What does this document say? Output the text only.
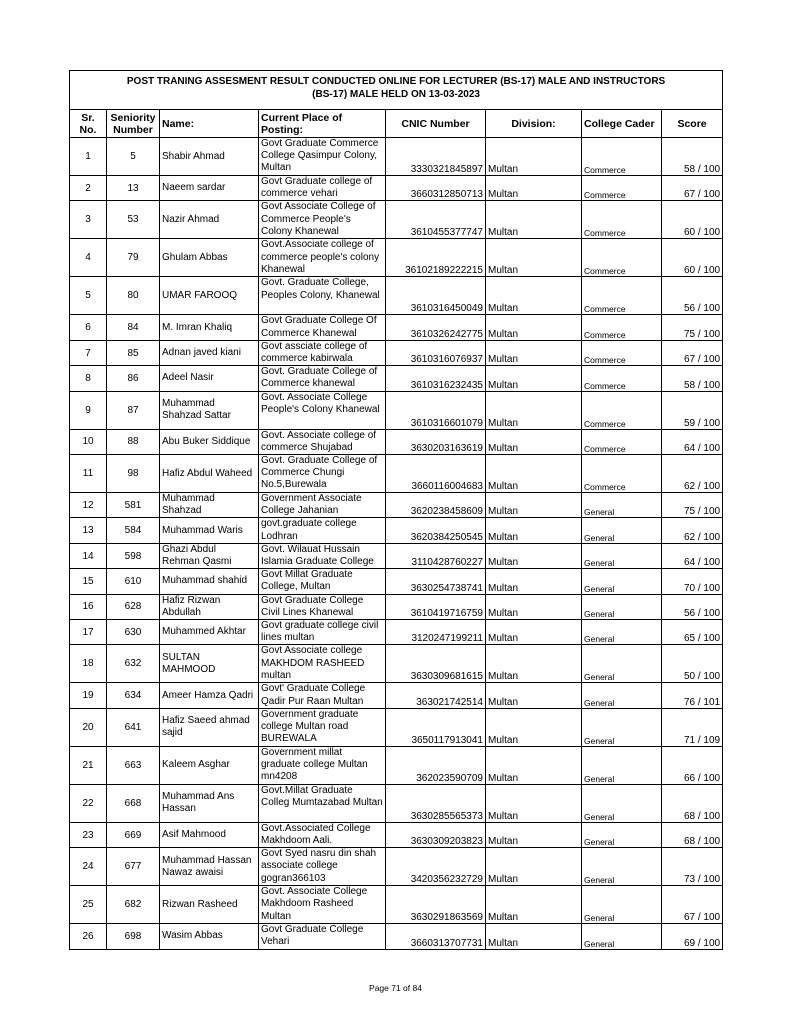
POST TRANING ASSESMENT RESULT CONDUCTED ONLINE FOR LECTURER (BS-17) MALE AND INSTRUCTORS
(BS-17) MALE HELD ON 13-03-2023							

Sr. No.	Seniority Number	Name:	Current Place of Posting:	CNIC Number	Division:	College Cader	Score
1	5	Shabir Ahmad	Govt Graduate Commerce College Qasimpur Colony, Multan	3330321845897	Multan	Commerce	58 / 100
2	13	Naeem sardar	Govt Graduate college of commerce vehari	3660312850713	Multan	Commerce	67 / 100
3	53	Nazir Ahmad	Govt Associate College of Commerce People's Colony Khanewal	3610455377747	Multan	Commerce	60 / 100
4	79	Ghulam Abbas	Govt.Associate college of commerce people's colony Khanewal	36102189222215	Multan	Commerce	60 / 100
5	80	UMAR FAROOQ	Govt. Graduate College, Peoples Colony, Khanewal	3610316450049	Multan	Commerce	56 / 100
6	84	M. Imran Khaliq	Govt Graduate College Of Commerce Khanewal	3610326242775	Multan	Commerce	75 / 100
7	85	Adnan javed kiani	Govt assciate college of commerce kabirwala	3610316076937	Multan	Commerce	67 / 100
8	86	Adeel Nasir	Govt. Graduate College of Commerce khanewal	3610316232435	Multan	Commerce	58 / 100
9	87	Muhammad Shahzad Sattar	Govt. Associate College People's Colony Khanewal	3610316601079	Multan	Commerce	59 / 100
10	88	Abu Buker Siddique	Govt. Associate college of commerce Shujabad	3630203163619	Multan	Commerce	64 / 100
11	98	Hafiz Abdul Waheed	Govt. Graduate College of Commerce Chungi No.5,Burewala	3660116004683	Multan	Commerce	62 / 100
12	581	Muhammad Shahzad	Government Associate College Jahanian	3620238458609	Multan	General	75 / 100
13	584	Muhammad Waris	govt.graduate college Lodhran	3620384250545	Multan	General	62 / 100
14	598	Ghazi Abdul Rehman Qasmi	Govt. Wilauat Hussain Islamia Graduate College	3110428760227	Multan	General	64 / 100
15	610	Muhammad shahid	Govt Millat Graduate College, Multan	3630254738741	Multan	General	70 / 100
16	628	Hafiz Rizwan Abdullah	Govt Graduate College Civil Lines Khanewal	3610419716759	Multan	General	56 / 100
17	630	Muhammed Akhtar	Govt graduate college civil lines multan	3120247199211	Multan	General	65 / 100
18	632	SULTAN MAHMOOD	Govt Associate college MAKHDOM RASHEED multan	3630309681615	Multan	General	50 / 100
19	634	Ameer Hamza Qadri	Govt' Graduate College Qadir Pur Raan Multan	363021742514	Multan	General	76 / 101
20	641	Hafiz Saeed ahmad sajid	Government graduate college Multan road BUREWALA	3650117913041	Multan	General	71 / 109
21	663	Kaleem Asghar	Government millat graduate college Multan mn4208	362023590709	Multan	General	66 / 100
22	668	Muhammad Ans Hassan	Govt.Millat Graduate Colleg Mumtazabad Multan	3630285565373	Multan	General	68 / 100
23	669	Asif Mahmood	Govt.Associated College Makhdoom Aali.	3630309203823	Multan	General	68 / 100
24	677	Muhammad Hassan Nawaz awaisi	Govt Syed nasru din shah associate college gogran366103	3420356232729	Multan	General	73 / 100
25	682	Rizwan Rasheed	Govt. Associate College Makhdoom Rasheed Multan	3630291863569	Multan	General	67 / 100
26	698	Wasim Abbas	Govt Graduate College Vehari	3660313707731	Multan	General	69 / 100
Page 71 of 84
